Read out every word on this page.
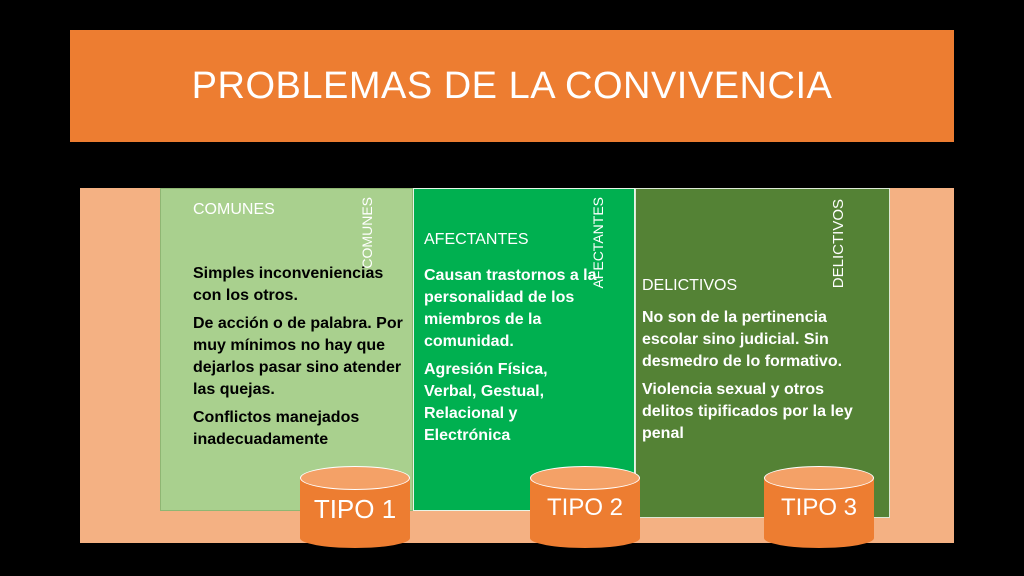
PROBLEMAS DE LA CONVIVENCIA
COMUNES	COMUNES

Simples inconveniencias con los otros.

De acción o de palabra. Por muy mínimos no hay que dejarlos pasar sino atender las quejas.

Conflictos manejados inadecuadamente

AFECTANTES	AFECTANTES

Causan trastornos a la personalidad de los miembros de la comunidad.

Agresión Física, Verbal, Gestual, Relacional y Electrónica

DELICTIVOS
DELICTIVOS

No son de la pertinencia escolar sino judicial. Sin desmedro de lo formativo.

Violencia sexual y otros delitos tipificados por la ley penal

TIPO 1	TIPO 2	TIPO 3
